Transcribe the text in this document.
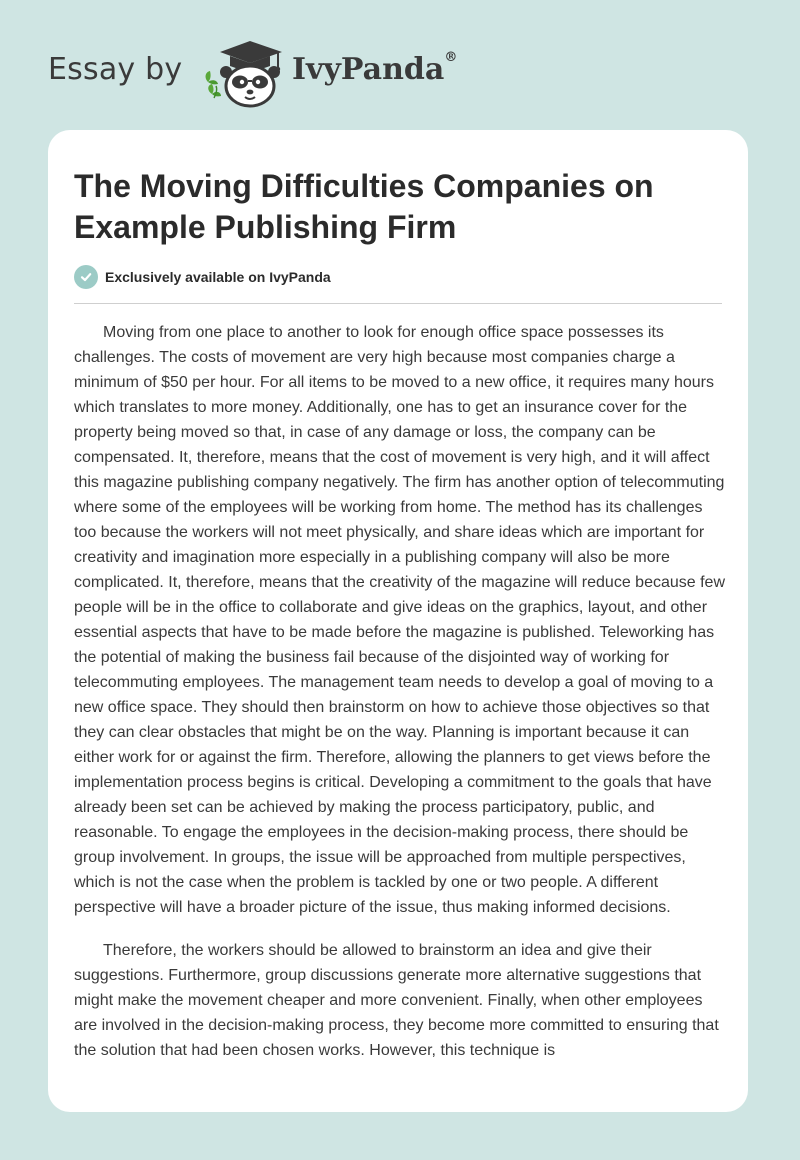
Essay by	IvyPanda®
The Moving Difficulties Companies on Example Publishing Firm
Exclusively available on IvyPanda

Moving from one place to another to look for enough office space possesses its challenges. The costs of movement are very high because most companies charge a minimum of $50 per hour. For all items to be moved to a new office, it requires many hours which translates to more money. Additionally, one has to get an insurance cover for the property being moved so that, in case of any damage or loss, the company can be compensated. It, therefore, means that the cost of movement is very high, and it will affect this magazine publishing company negatively. The firm has another option of telecommuting where some of the employees will be working from home. The method has its challenges too because the workers will not meet physically, and share ideas which are important for creativity and imagination more especially in a publishing company will also be more complicated. It, therefore, means that the creativity of the magazine will reduce because few people will be in the office to collaborate and give ideas on the graphics, layout, and other essential aspects that have to be made before the magazine is published. Teleworking has the potential of making the business fail because of the disjointed way of working for telecommuting employees. The management team needs to develop a goal of moving to a new office space. They should then brainstorm on how to achieve those objectives so that they can clear obstacles that might be on the way. Planning is important because it can either work for or against the firm. Therefore, allowing the planners to get views before the implementation process begins is critical. Developing a commitment to the goals that have already been set can be achieved by making the process participatory, public, and reasonable. To engage the employees in the decision-making process, there should be group involvement. In groups, the issue will be approached from multiple perspectives, which is not the case when the problem is tackled by one or two people. A different perspective will have a broader picture of the issue, thus making informed decisions.

Therefore, the workers should be allowed to brainstorm an idea and give their suggestions. Furthermore, group discussions generate more alternative suggestions that might make the movement cheaper and more convenient. Finally, when other employees are involved in the decision-making process, they become more committed to ensuring that the solution that had been chosen works. However, this technique is
